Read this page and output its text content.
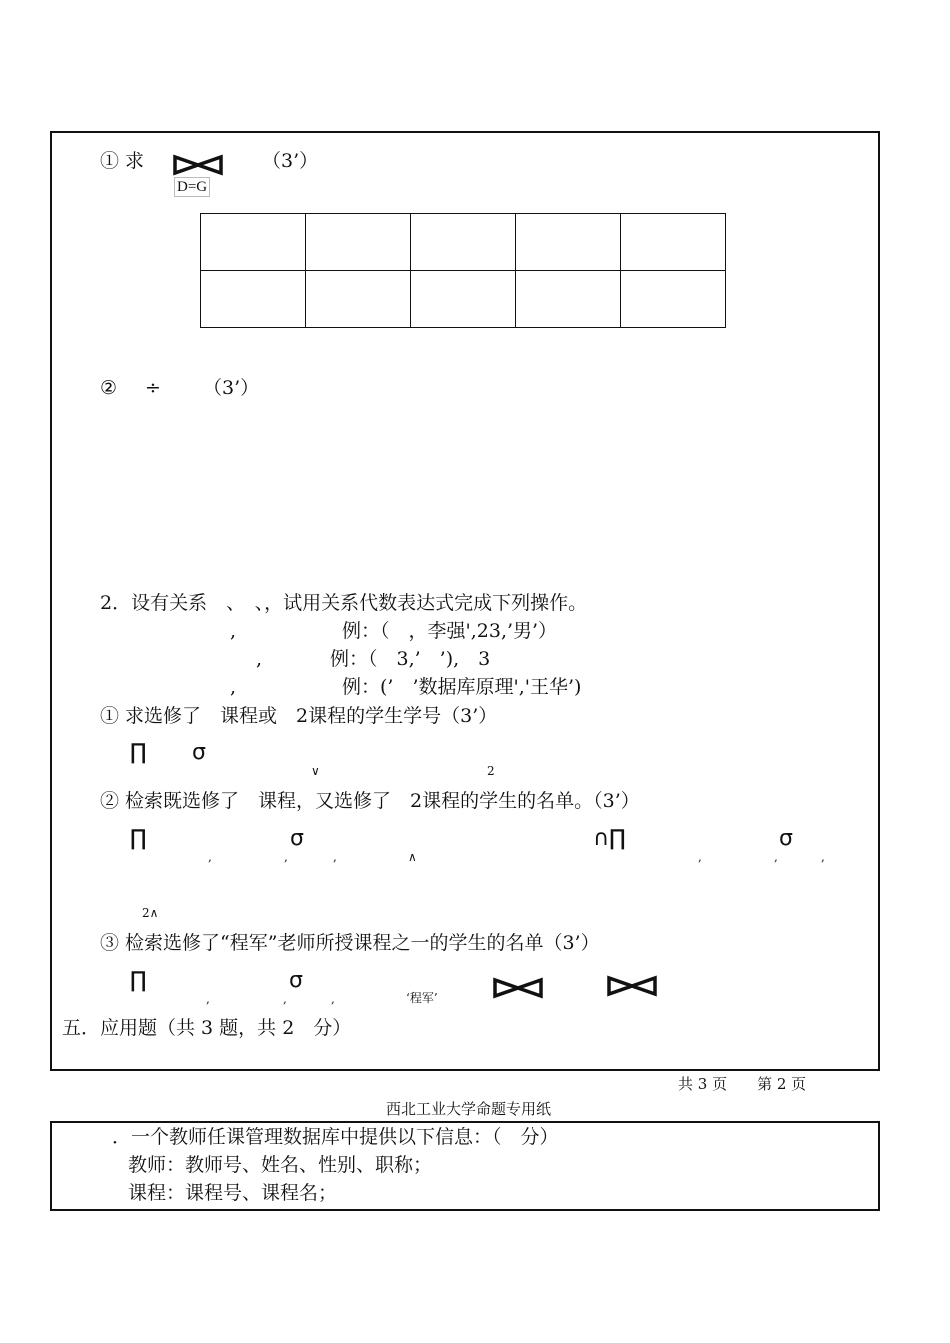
① 求	（3’）
D=G

② ÷ （3’）
2．设有关系　、　、，试用关系代数表达式完成下列操作。
,	例：（　，李强',23,’男’）
,	例：（　3,’　’),　3
,	例：(’　’数据库原理','王华’)
① 求选修了　课程或　2课程的学生学号（3’）
∏ σ
∨	2
② 检索既选修了　课程，又选修了　2课程的学生的名单。（3’）
∏
,	,
σ
,	∧
∩∏
,
σ
,	,
2∧
③ 检索选修了“程军”老师所授课程之一的学生的名单（3’）
∏
,	,
σ
,	‘程军’
五．应用题（共 3 题，共 2　分）
共 3 页　　第 2 页
西北工业大学命题专用纸
．一个教师任课管理数据库中提供以下信息：（　分）
教师：教师号、姓名、性别、职称；
课程：课程号、课程名；
